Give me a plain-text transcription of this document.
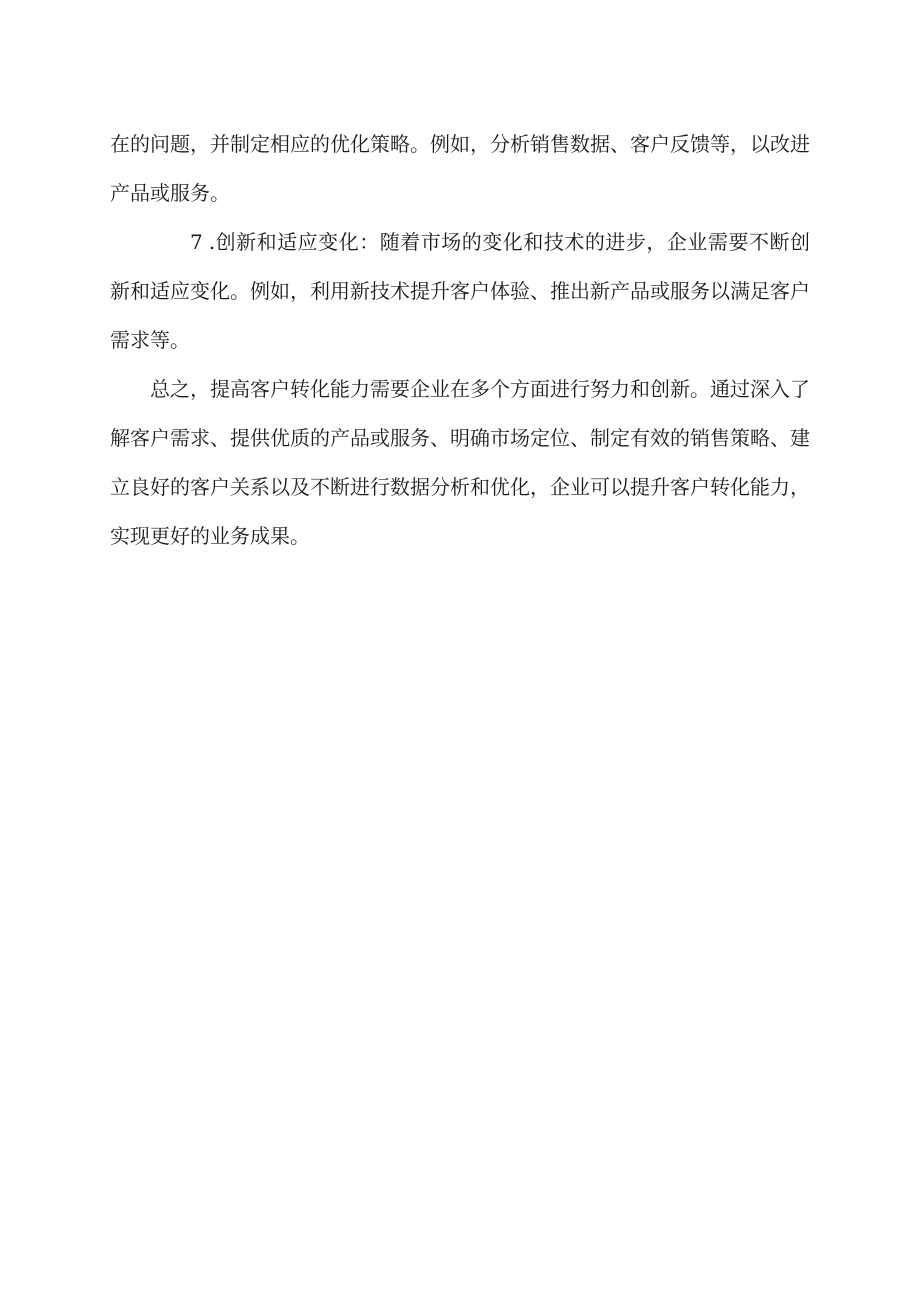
在的问题，并制定相应的优化策略。例如，分析销售数据、客户反馈等，以改进产品或服务。

7 .创新和适应变化：随着市场的变化和技术的进步，企业需要不断创新和适应变化。例如，利用新技术提升客户体验、推出新产品或服务以满足客户需求等。

总之，提高客户转化能力需要企业在多个方面进行努力和创新。通过深入了解客户需求、提供优质的产品或服务、明确市场定位、制定有效的销售策略、建立良好的客户关系以及不断进行数据分析和优化，企业可以提升客户转化能力，实现更好的业务成果。
